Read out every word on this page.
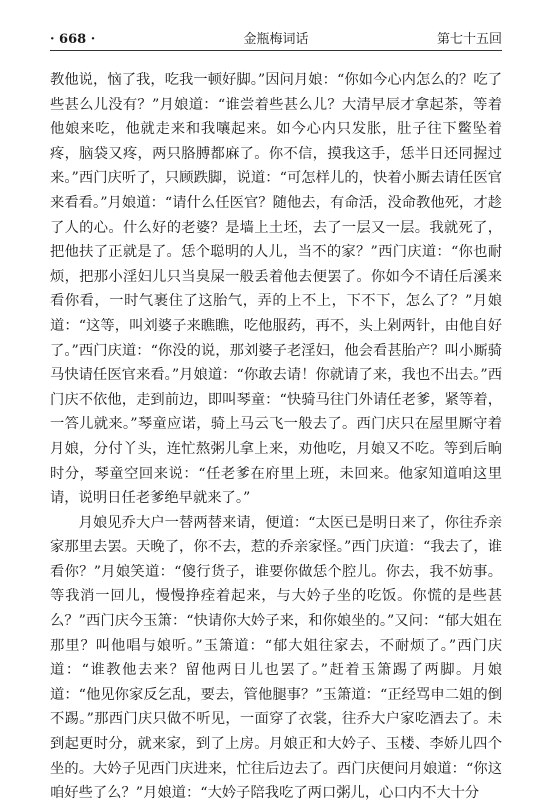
· 668 ·	金瓶梅词话	第七十五回

教他说，恼了我，吃我一顿好脚。”因问月娘：“你如今心内怎么的？吃了些甚么儿没有？”月娘道：“谁尝着些甚么儿？大清早辰才拿起茶，等着他娘来吃，他就走来和我嚷起来。如今心内只发胀，肚子往下鳖坠着疼，脑袋又疼，两只胳膊都麻了。你不信，摸我这手，恁半日还同握过来。”西门庆听了，只顾跌脚，说道：“可怎样儿的，快着小厮去请任医官来看看。”月娘道：“请什么任医官？随他去，有命活，没命教他死，才趁了人的心。什么好的老婆？是墙上土坯，去了一层又一层。我就死了，把他扶了正就是了。恁个聪明的人儿，当不的家？”西门庆道：“你也耐烦，把那小淫妇儿只当臭屎一般丢着他去便罢了。你如今不请任后溪来看你看，一时气裹住了这胎气，弄的上不上，下不下，怎么了？”月娘道：“这等，叫刘婆子来瞧瞧，吃他服药，再不，头上剁两针，由他自好了。”西门庆道：“你没的说，那刘婆子老淫妇，他会看甚胎产？叫小厮骑马快请任医官来看。”月娘道：“你敢去请！你就请了来，我也不出去。”西门庆不依他，走到前边，即叫琴童：“快骑马往门外请任老爹，紧等着，一答儿就来。”琴童应诺，骑上马云飞一般去了。西门庆只在屋里厮守着月娘，分付丫头，连忙熬粥儿拿上来，劝他吃，月娘又不吃。等到后晌时分，琴童空回来说：“任老爹在府里上班，未回来。他家知道咱这里请，说明日任老爹绝早就来了。”

月娘见乔大户一替两替来请，便道：“太医已是明日来了，你往乔亲家那里去罢。天晚了，你不去，惹的乔亲家怪。”西门庆道：“我去了，谁看你？”月娘笑道：“傻行货子，谁要你做恁个腔儿。你去，我不妨事。等我消一回儿，慢慢挣痊着起来，与大妗子坐的吃饭。你慌的是些甚么？”西门庆今玉箫：“快请你大妗子来，和你娘坐的。”又问：“郁大姐在那里？叫他唱与娘听。”玉箫道：“郁大姐往家去，不耐烦了。”西门庆道：“谁教他去来？留他两日儿也罢了。”赶着玉箫踢了两脚。月娘道：“他见你家反乞乱，要去，管他腿事？”玉箫道：“正经骂申二姐的倒不踢。”那西门庆只做不听见，一面穿了衣裳，往乔大户家吃酒去了。未到起更时分，就来家，到了上房。月娘正和大妗子、玉楼、李娇儿四个坐的。大妗子见西门庆进来，忙往后边去了。西门庆便问月娘道：“你这咱好些了么？”月娘道：“大妗子陪我吃了两口粥儿，心口内不大十分
